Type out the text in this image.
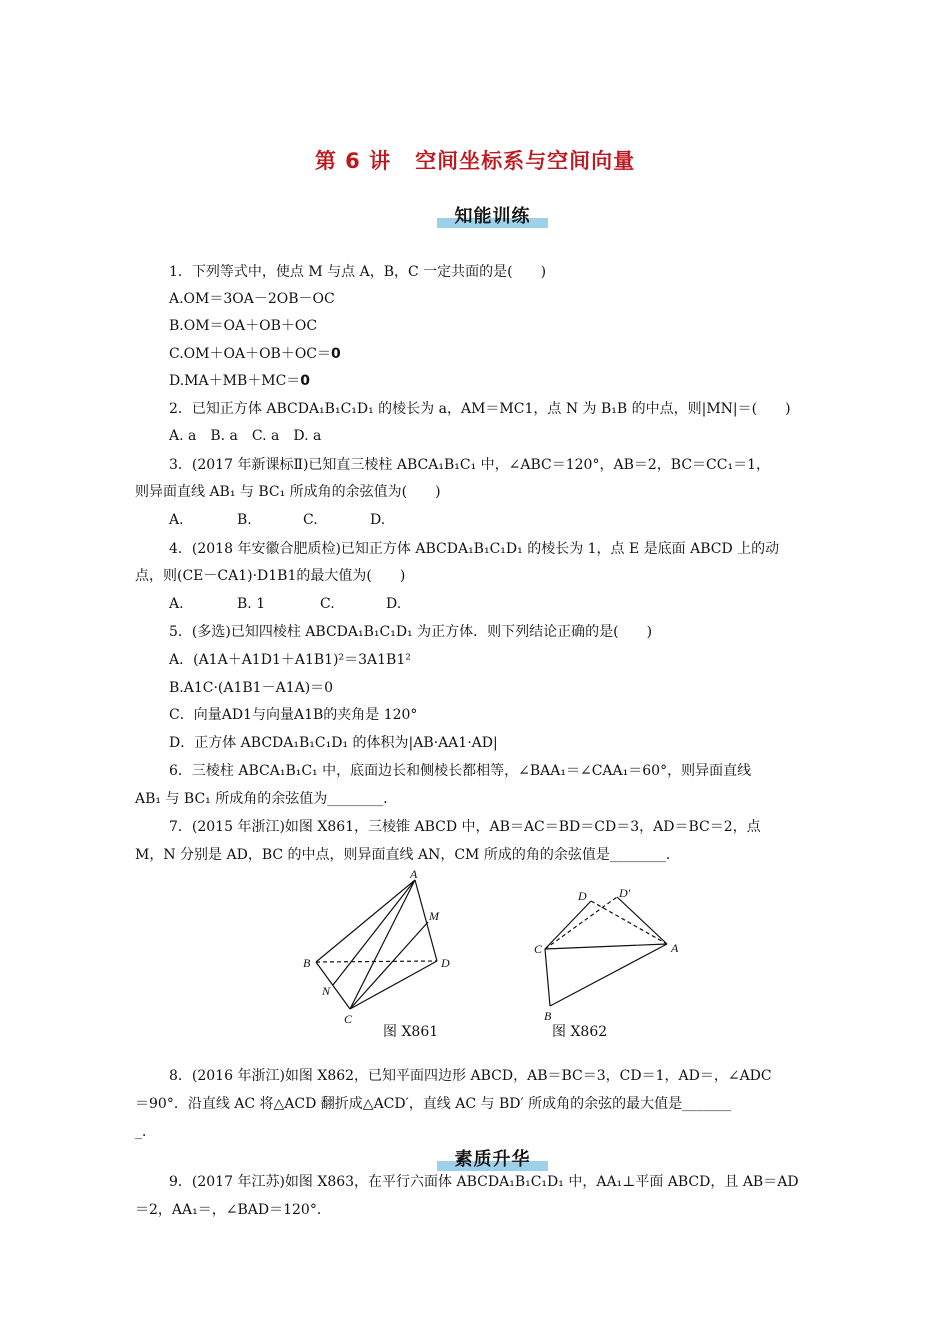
第 6 讲 空间坐标系与空间向量
知能训练
1．下列等式中，使点 M 与点 A，B，C 一定共面的是(　　)
A.OM＝3OA－2OB－OC
B.OM＝OA＋OB＋OC
C.OM＋OA＋OB＋OC＝0
D.MA＋MB＋MC＝0
2．已知正方体 ABCDA₁B₁C₁D₁ 的棱长为 a，AM＝MC1，点 N 为 B₁B 的中点，则|MN|＝(　　)
A. a　B. a　C. a　D. a
3．(2017 年新课标Ⅱ)已知直三棱柱 ABCA₁B₁C₁ 中，∠ABC＝120°，AB＝2，BC＝CC₁＝1，
则异面直线 AB₁ 与 BC₁ 所成角的余弦值为(　　)
A.	B.	C.	D.
4．(2018 年安徽合肥质检)已知正方体 ABCDA₁B₁C₁D₁ 的棱长为 1，点 E 是底面 ABCD 上的动
点，则(CE－CA1)·D1B1的最大值为(　　)
A.	B. 1	C.	D.
5．(多选)已知四棱柱 ABCDA₁B₁C₁D₁ 为正方体．则下列结论正确的是(　　)
A．(A1A＋A1D1＋A1B1)²＝3A1B1²
B.A1C·(A1B1－A1A)＝0
C．向量AD1与向量A1B的夹角是 120°
D．正方体 ABCDA₁B₁C₁D₁ 的体积为|AB·AA1·AD|
6．三棱柱 ABCA₁B₁C₁ 中，底面边长和侧棱长都相等，∠BAA₁＝∠CAA₁＝60°，则异面直线
AB₁ 与 BC₁ 所成角的余弦值为________．
7．(2015 年浙江)如图 X861，三棱锥 ABCD 中，AB＝AC＝BD＝CD＝3，AD＝BC＝2，点
M，N 分别是 AD，BC 的中点，则异面直线 AN，CM 所成的角的余弦值是________．
A
B
C
D
M
N
图 X861
D	D′
C	A
B
图 X862
8．(2016 年浙江)如图 X862，已知平面四边形 ABCD，AB＝BC＝3，CD＝1，AD＝，∠ADC
＝90°．沿直线 AC 将△ACD 翻折成△ACD′，直线 AC 与 BD′ 所成角的余弦的最大值是_______
_．
素质升华
9．(2017 年江苏)如图 X863，在平行六面体 ABCDA₁B₁C₁D₁ 中，AA₁⊥平面 ABCD，且 AB＝AD
＝2，AA₁＝，∠BAD＝120°．
